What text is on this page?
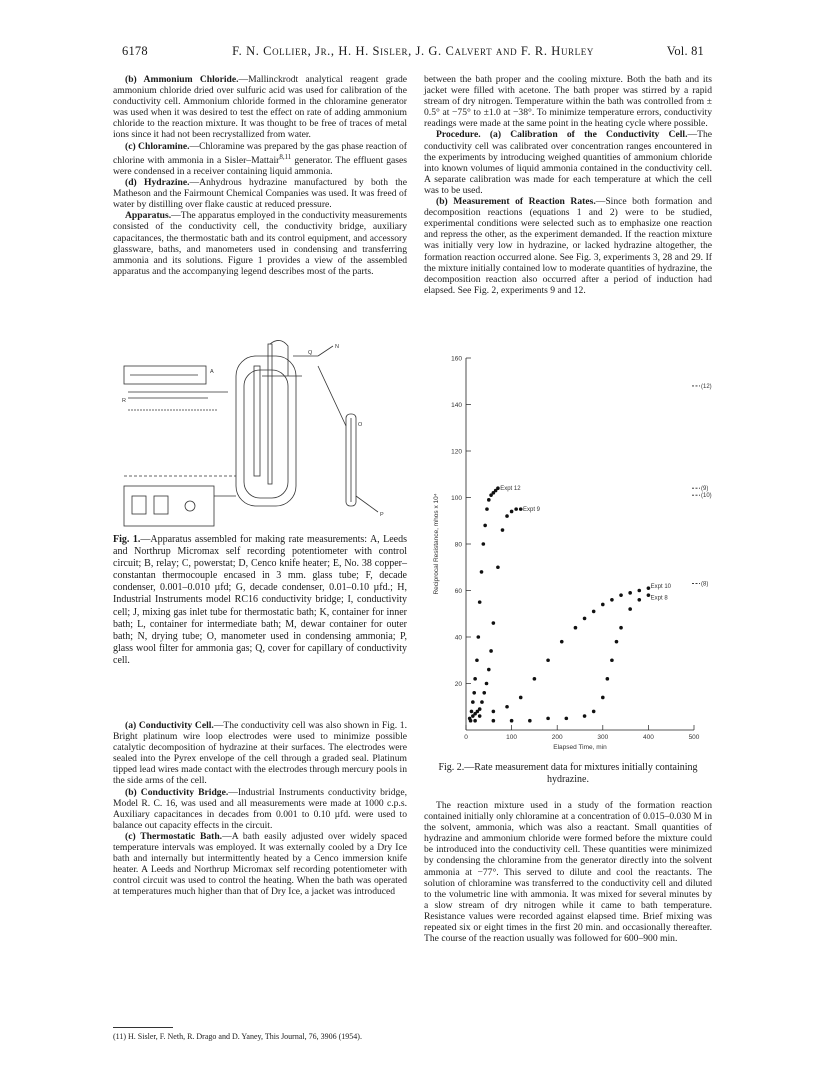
6178	F. N. Collier, Jr., H. H. Sisler, J. G. Calvert and F. R. Hurley	Vol. 81

(b) Ammonium Chloride.—Mallinckrodt analytical reagent grade ammonium chloride dried over sulfuric acid was used for calibration of the conductivity cell. Ammonium chloride formed in the chloramine generator was used when it was desired to test the effect on rate of adding ammonium chloride to the reaction mixture. It was thought to be free of traces of metal ions since it had not been recrystallized from water.

(c) Chloramine.—Chloramine was prepared by the gas phase reaction of chlorine with ammonia in a Sisler–Mattair$^{8,11}$ generator. The effluent gases were condensed in a receiver containing liquid ammonia.

(d) Hydrazine.—Anhydrous hydrazine manufactured by both the Matheson and the Fairmount Chemical Companies was used. It was freed of water by distilling over flake caustic at reduced pressure.

Apparatus.—The apparatus employed in the conductivity measurements consisted of the conductivity cell, the conductivity bridge, auxiliary capacitances, the thermostatic bath and its control equipment, and accessory glassware, baths, and manometers used in condensing and transferring ammonia and its solutions. Figure 1 provides a view of the assembled apparatus and the accompanying legend describes most of the parts.

A
N
Q
P
O
R
Fig. 1.—Apparatus assembled for making rate measurements: A, Leeds and Northrup Micromax self recording potentiometer with control circuit; B, relay; C, powerstat; D, Cenco knife heater; E, No. 38 copper–constantan thermocouple encased in 3 mm. glass tube; F, decade condenser, 0.001–0.010 µfd; G, decade condenser, 0.01–0.10 µfd.; H, Industrial Instruments model RC16 conductivity bridge; I, conductivity cell; J, mixing gas inlet tube for thermostatic bath; K, container for inner bath; L, container for intermediate bath; M, dewar container for outer bath; N, drying tube; O, manometer used in condensing ammonia; P, glass wool filter for ammonia gas; Q, cover for capillary of conductivity cell.

(a) Conductivity Cell.—The conductivity cell was also shown in Fig. 1. Bright platinum wire loop electrodes were used to minimize possible catalytic decomposition of hydrazine at their surfaces. The electrodes were sealed into the Pyrex envelope of the cell through a graded seal. Platinum tipped lead wires made contact with the electrodes through mercury pools in the side arms of the cell.

(b) Conductivity Bridge.—Industrial Instruments conductivity bridge, Model R. C. 16, was used and all measurements were made at 1000 c.p.s. Auxiliary capacitances in decades from 0.001 to 0.10 µfd. were used to balance out capacity effects in the circuit.

(c) Thermostatic Bath.—A bath easily adjusted over widely spaced temperature intervals was employed. It was externally cooled by a Dry Ice bath and internally but intermittently heated by a Cenco immersion knife heater. A Leeds and Northrup Micromax self recording potentiometer with control circuit was used to control the heating. When the bath was operated at temperatures much higher than that of Dry Ice, a jacket was introduced

(11) H. Sisler, F. Neth, R. Drago and D. Yaney, This Journal, 76, 3906 (1954).

between the bath proper and the cooling mixture. Both the bath and its jacket were filled with acetone. The bath proper was stirred by a rapid stream of dry nitrogen. Temperature within the bath was controlled from ± 0.5° at −75° to ±1.0 at −38°. To minimize temperature errors, conductivity readings were made at the same point in the heating cycle where possible.

Procedure. (a) Calibration of the Conductivity Cell.—The conductivity cell was calibrated over concentration ranges encountered in the experiments by introducing weighed quantities of ammonium chloride into known volumes of liquid ammonia contained in the conductivity cell. A separate calibration was made for each temperature at which the cell was to be used.

(b) Measurement of Reaction Rates.—Since both formation and decomposition reactions (equations 1 and 2) were to be studied, experimental conditions were selected such as to emphasize one reaction and repress the other, as the experiment demanded. If the reaction mixture was initially very low in hydrazine, or lacked hydrazine altogether, the formation reaction occurred alone. See Fig. 3, experiments 3, 28 and 29. If the mixture initially contained low to moderate quantities of hydrazine, the decomposition reaction also occurred after a period of induction had elapsed. See Fig. 2, experiments 9 and 12.

20
40
60
80
100
120
140
160
0	100	200	300	400	500
Elapsed Time, min
Reciprocal Resistance, mhos x 10⁴
Expt 12
Expt 9
Expt 10
Expt 8
(12)
(9)
(10)
(8)
Fig. 2.—Rate measurement data for mixtures initially containing hydrazine.

The reaction mixture used in a study of the formation reaction contained initially only chloramine at a concentration of 0.015–0.030 M in the solvent, ammonia, which was also a reactant. Small quantities of hydrazine and ammonium chloride were formed before the mixture could be introduced into the conductivity cell. These quantities were minimized by condensing the chloramine from the generator directly into the solvent ammonia at −77°. This served to dilute and cool the reactants. The solution of chloramine was transferred to the conductivity cell and diluted to the volumetric line with ammonia. It was mixed for several minutes by a slow stream of dry nitrogen while it came to bath temperature. Resistance values were recorded against elapsed time. Brief mixing was repeated six or eight times in the first 20 min. and occasionally thereafter. The course of the reaction usually was followed for 600–900 min.
